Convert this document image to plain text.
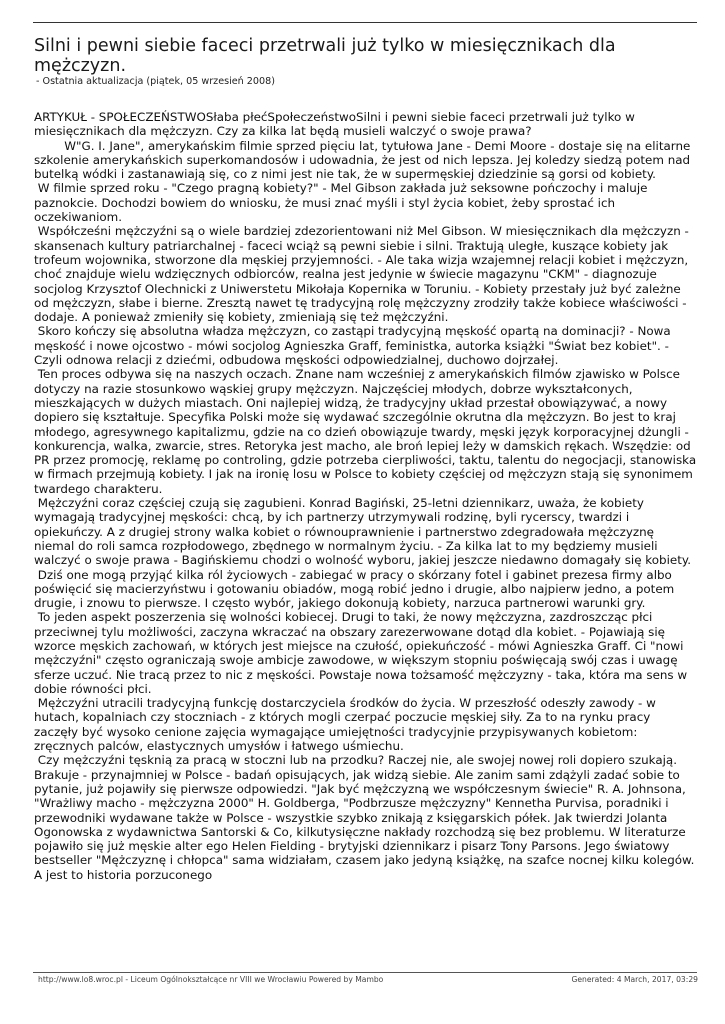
Silni i pewni siebie faceci przetrwali już tylko w miesięcznikach dla mężczyzn.
- Ostatnia aktualizacja (piątek, 05 wrzesień 2008)

ARTYKUŁ - SPOŁECZEŃSTWOSłaba płećSpołeczeństwoSilni i pewni siebie faceci przetrwali już tylko w miesięcznikach dla mężczyzn. Czy za kilka lat będą musieli walczyć o swoje prawa?

W"G. I. Jane", amerykańskim filmie sprzed pięciu lat, tytułowa Jane - Demi Moore - dostaje się na elitarne szkolenie amerykańskich superkomandosów i udowadnia, że jest od nich lepsza. Jej koledzy siedzą potem nad butelką wódki i zastanawiają się, co z nimi jest nie tak, że w supermęskiej dziedzinie są gorsi od kobiety.

W filmie sprzed roku - "Czego pragną kobiety?" - Mel Gibson zakłada już seksowne pończochy i maluje paznokcie. Dochodzi bowiem do wniosku, że musi znać myśli i styl życia kobiet, żeby sprostać ich oczekiwaniom.

Współcześni mężczyźni są o wiele bardziej zdezorientowani niż Mel Gibson. W miesięcznikach dla mężczyzn - skansenach kultury patriarchalnej - faceci wciąż są pewni siebie i silni. Traktują uległe, kuszące kobiety jak trofeum wojownika, stworzone dla męskiej przyjemności. - Ale taka wizja wzajemnej relacji kobiet i mężczyzn, choć znajduje wielu wdzięcznych odbiorców, realna jest jedynie w świecie magazynu "CKM" - diagnozuje socjolog Krzysztof Olechnicki z Uniwerstetu Mikołaja Kopernika w Toruniu. - Kobiety przestały już być zależne od mężczyzn, słabe i bierne. Zresztą nawet tę tradycyjną rolę mężczyzny zrodziły także kobiece właściwości - dodaje. A ponieważ zmieniły się kobiety, zmieniają się też mężczyźni.

Skoro kończy się absolutna władza mężczyzn, co zastąpi tradycyjną męskość opartą na dominacji? - Nowa męskość i nowe ojcostwo - mówi socjolog Agnieszka Graff, feministka, autorka książki "Świat bez kobiet". - Czyli odnowa relacji z dziećmi, odbudowa męskości odpowiedzialnej, duchowo dojrzałej.

Ten proces odbywa się na naszych oczach. Znane nam wcześniej z amerykańskich filmów zjawisko w Polsce dotyczy na razie stosunkowo wąskiej grupy mężczyzn. Najczęściej młodych, dobrze wykształconych, mieszkających w dużych miastach. Oni najlepiej widzą, że tradycyjny układ przestał obowiązywać, a nowy dopiero się kształtuje. Specyfika Polski może się wydawać szczególnie okrutna dla mężczyzn. Bo jest to kraj młodego, agresywnego kapitalizmu, gdzie na co dzień obowiązuje twardy, męski język korporacyjnej dżungli - konkurencja, walka, zwarcie, stres. Retoryka jest macho, ale broń lepiej leży w damskich rękach. Wszędzie: od PR przez promocję, reklamę po controling, gdzie potrzeba cierpliwości, taktu, talentu do negocjacji, stanowiska w firmach przejmują kobiety. I jak na ironię losu w Polsce to kobiety częściej od mężczyzn stają się synonimem twardego charakteru.

Mężczyźni coraz częściej czują się zagubieni. Konrad Bagiński, 25-letni dziennikarz, uważa, że kobiety wymagają tradycyjnej męskości: chcą, by ich partnerzy utrzymywali rodzinę, byli rycerscy, twardzi i opiekuńczy. A z drugiej strony walka kobiet o równouprawnienie i partnerstwo zdegradowała mężczyznę niemal do roli samca rozpłodowego, zbędnego w normalnym życiu. - Za kilka lat to my będziemy musieli walczyć o swoje prawa - Bagińskiemu chodzi o wolność wyboru, jakiej jeszcze niedawno domagały się kobiety.

Dziś one mogą przyjąć kilka ról życiowych - zabiegać w pracy o skórzany fotel i gabinet prezesa firmy albo poświęcić się macierzyństwu i gotowaniu obiadów, mogą robić jedno i drugie, albo najpierw jedno, a potem drugie, i znowu to pierwsze. I często wybór, jakiego dokonują kobiety, narzuca partnerowi warunki gry.

To jeden aspekt poszerzenia się wolności kobiecej. Drugi to taki, że nowy mężczyzna, zazdroszcząc płci przeciwnej tylu możliwości, zaczyna wkraczać na obszary zarezerwowane dotąd dla kobiet. - Pojawiają się wzorce męskich zachowań, w których jest miejsce na czułość, opiekuńczość - mówi Agnieszka Graff. Ci "nowi mężczyźni" często ograniczają swoje ambicje zawodowe, w większym stopniu poświęcają swój czas i uwagę sferze uczuć. Nie tracą przez to nic z męskości. Powstaje nowa tożsamość mężczyzny - taka, która ma sens w dobie równości płci.

Mężczyźni utracili tradycyjną funkcję dostarczyciela środków do życia. W przeszłość odeszły zawody - w hutach, kopalniach czy stoczniach - z których mogli czerpać poczucie męskiej siły. Za to na rynku pracy zaczęły być wysoko cenione zajęcia wymagające umiejętności tradycyjnie przypisywanych kobietom: zręcznych palców, elastycznych umysłów i łatwego uśmiechu.

Czy mężczyźni tęsknią za pracą w stoczni lub na przodku? Raczej nie, ale swojej nowej roli dopiero szukają. Brakuje - przynajmniej w Polsce - badań opisujących, jak widzą siebie. Ale zanim sami zdążyli zadać sobie to pytanie, już pojawiły się pierwsze odpowiedzi. "Jak być mężczyzną we współczesnym świecie" R. A. Johnsona, "Wrażliwy macho - mężczyzna 2000" H. Goldberga, "Podbrzusze mężczyzny" Kennetha Purvisa, poradniki i przewodniki wydawane także w Polsce - wszystkie szybko znikają z księgarskich półek. Jak twierdzi Jolanta Ogonowska z wydawnictwa Santorski & Co, kilkutysięczne nakłady rozchodzą się bez problemu. W literaturze pojawiło się już męskie alter ego Helen Fielding - brytyjski dziennikarz i pisarz Tony Parsons. Jego światowy bestseller "Mężczyznę i chłopca" sama widziałam, czasem jako jedyną książkę, na szafce nocnej kilku kolegów. A jest to historia porzuconego

http://www.lo8.wroc.pl - Liceum Ogólnokształcące nr VIII we Wrocławiu Powered by Mambo	Generated: 4 March, 2017, 03:29
